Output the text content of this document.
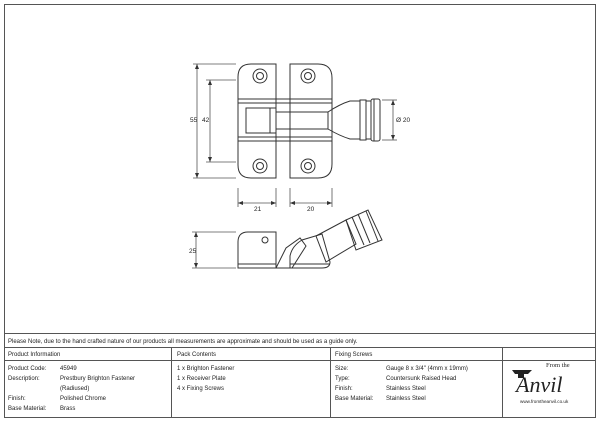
55 42	Ø 20
21	20
25
Please Note, due to the hand crafted nature of our products all measurements are approximate and should be used as a guide only.
Product Information
Product Code: 45949
Description:	Prestbury Brighton Fastener
(Radiused)
Finish:	Polished Chrome
Base Material: Brass
Pack Contents
1 x Brighton Fastener
1 x Receiver Plate
4 x Fixing Screws
Fixing Screws
Size:	Gauge 8 x 3/4" (4mm x 19mm)
Type:	Countersunk Raised Head
Finish:	Stainless Steel
Base Material: Stainless Steel
From the
Anvil
www.fromtheanvil.co.uk
